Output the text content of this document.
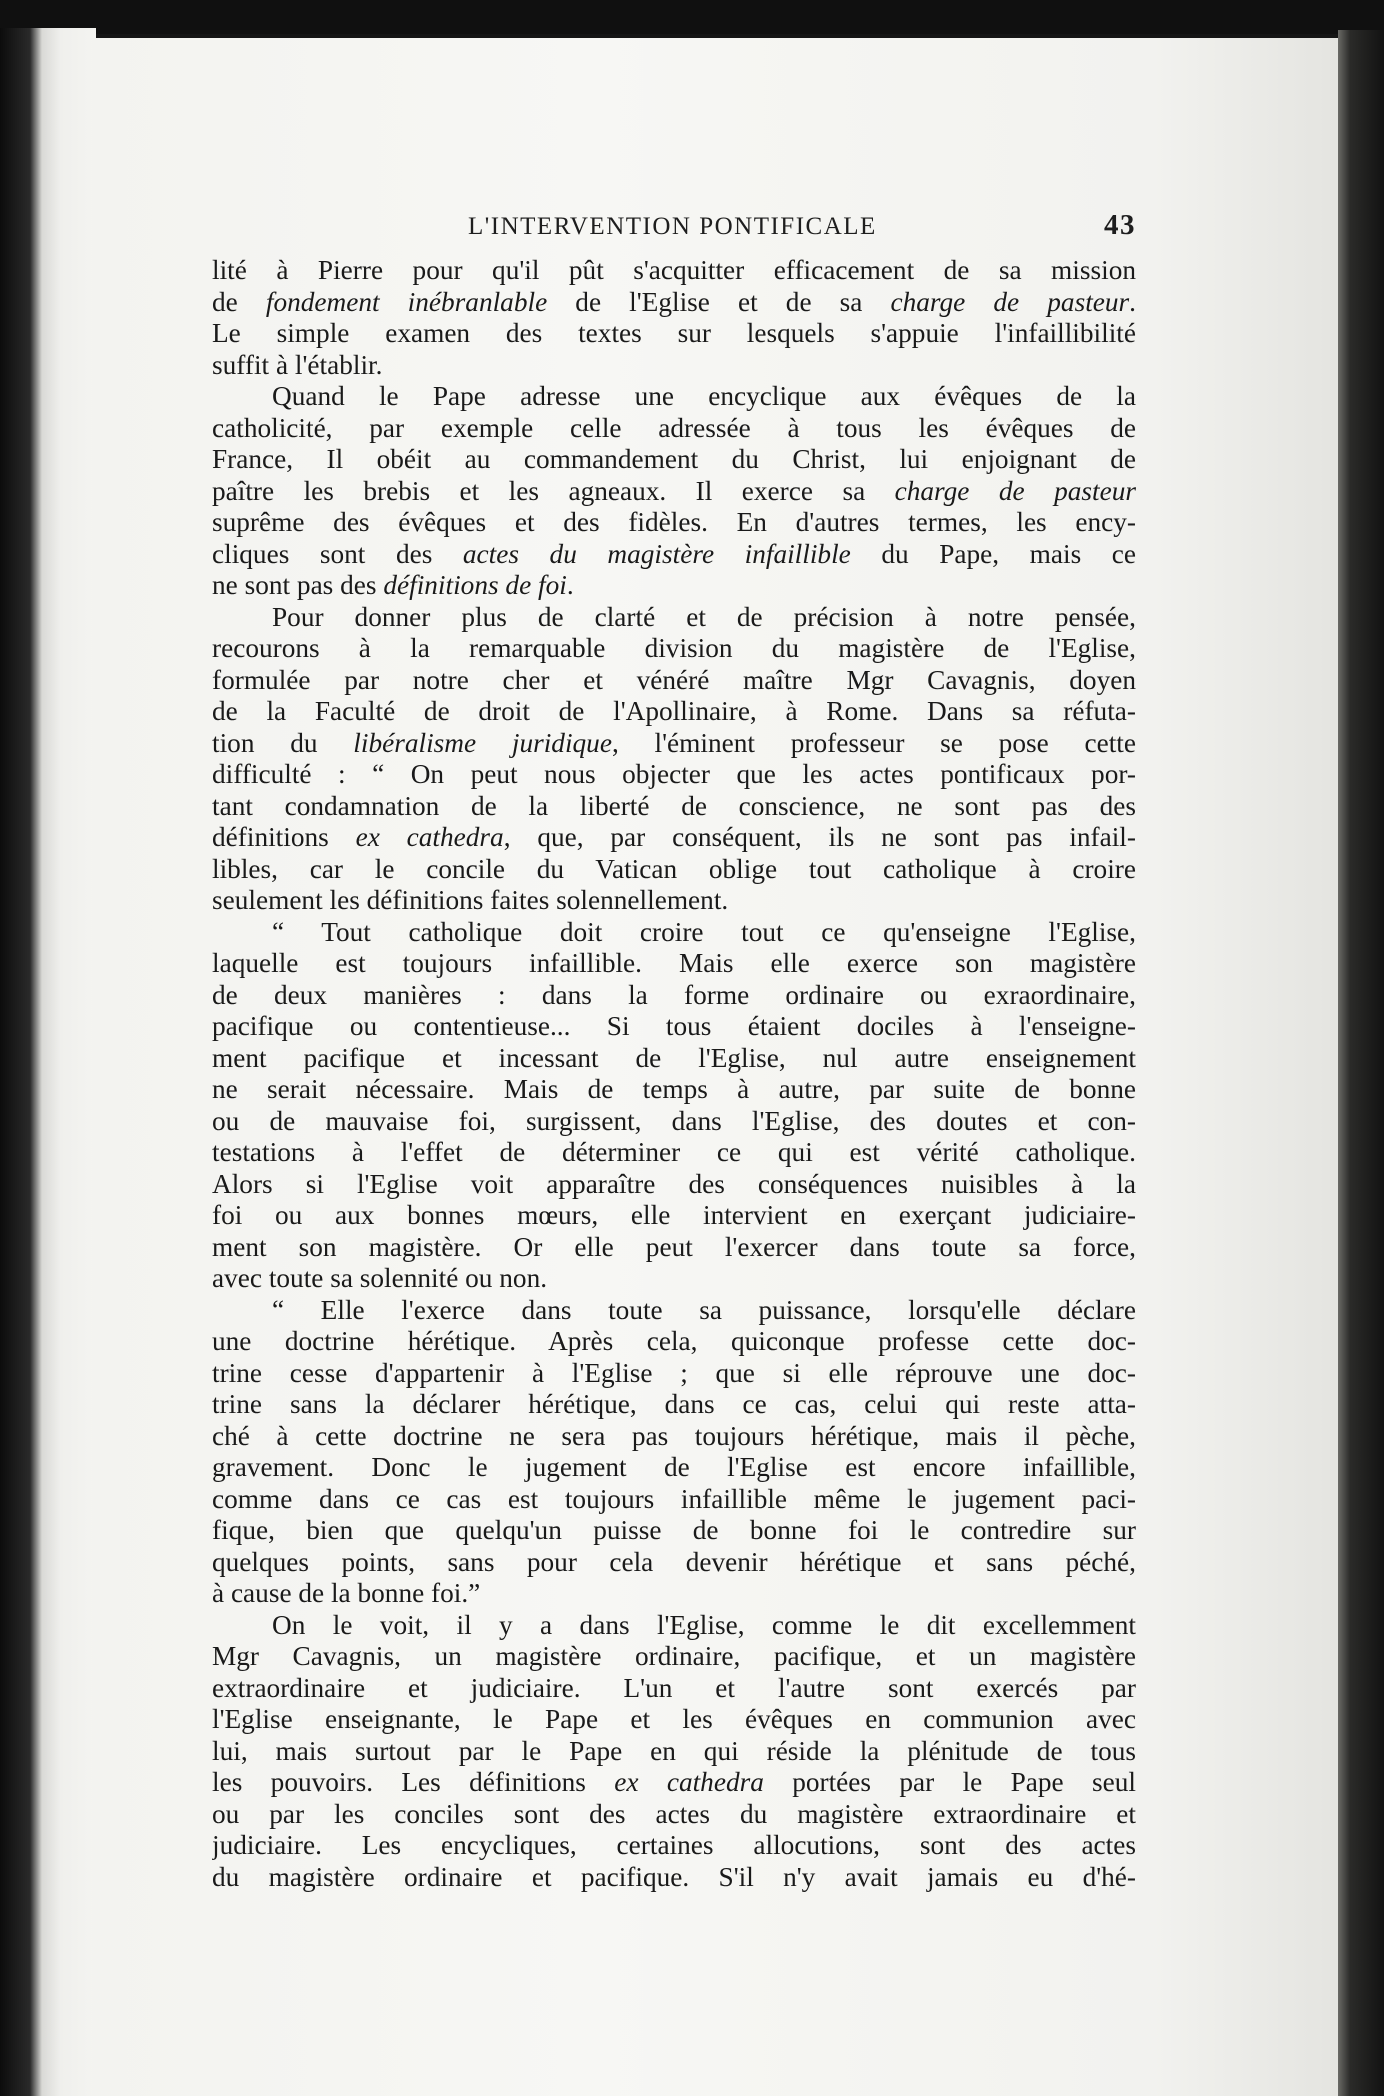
L'INTERVENTION PONTIFICALE	43
lité à Pierre pour qu'il pût s'acquitter efficacement de sa mission
de fondement inébranlable de l'Eglise et de sa charge de pasteur.
Le simple examen des textes sur lesquels s'appuie l'infaillibilité
suffit à l'établir.
Quand le Pape adresse une encyclique aux évêques de la
catholicité, par exemple celle adressée à tous les évêques de
France, Il obéit au commandement du Christ, lui enjoignant de
paître les brebis et les agneaux. Il exerce sa charge de pasteur
suprême des évêques et des fidèles. En d'autres termes, les ency-
cliques sont des actes du magistère infaillible du Pape, mais ce
ne sont pas des définitions de foi.
Pour donner plus de clarté et de précision à notre pensée,
recourons à la remarquable division du magistère de l'Eglise,
formulée par notre cher et vénéré maître Mgr Cavagnis, doyen
de la Faculté de droit de l'Apollinaire, à Rome. Dans sa réfuta-
tion du libéralisme juridique, l'éminent professeur se pose cette
difficulté : “ On peut nous objecter que les actes pontificaux por-
tant condamnation de la liberté de conscience, ne sont pas des
définitions ex cathedra, que, par conséquent, ils ne sont pas infail-
libles, car le concile du Vatican oblige tout catholique à croire
seulement les définitions faites solennellement.
“ Tout catholique doit croire tout ce qu'enseigne l'Eglise,
laquelle est toujours infaillible. Mais elle exerce son magistère
de deux manières : dans la forme ordinaire ou exraordinaire,
pacifique ou contentieuse... Si tous étaient dociles à l'enseigne-
ment pacifique et incessant de l'Eglise, nul autre enseignement
ne serait nécessaire. Mais de temps à autre, par suite de bonne
ou de mauvaise foi, surgissent, dans l'Eglise, des doutes et con-
testations à l'effet de déterminer ce qui est vérité catholique.
Alors si l'Eglise voit apparaître des conséquences nuisibles à la
foi ou aux bonnes mœurs, elle intervient en exerçant judiciaire-
ment son magistère. Or elle peut l'exercer dans toute sa force,
avec toute sa solennité ou non.
“ Elle l'exerce dans toute sa puissance, lorsqu'elle déclare
une doctrine hérétique. Après cela, quiconque professe cette doc-
trine cesse d'appartenir à l'Eglise ; que si elle réprouve une doc-
trine sans la déclarer hérétique, dans ce cas, celui qui reste atta-
ché à cette doctrine ne sera pas toujours hérétique, mais il pèche,
gravement. Donc le jugement de l'Eglise est encore infaillible,
comme dans ce cas est toujours infaillible même le jugement paci-
fique, bien que quelqu'un puisse de bonne foi le contredire sur
quelques points, sans pour cela devenir hérétique et sans péché,
à cause de la bonne foi.”
On le voit, il y a dans l'Eglise, comme le dit excellemment
Mgr Cavagnis, un magistère ordinaire, pacifique, et un magistère
extraordinaire et judiciaire. L'un et l'autre sont exercés par
l'Eglise enseignante, le Pape et les évêques en communion avec
lui, mais surtout par le Pape en qui réside la plénitude de tous
les pouvoirs. Les définitions ex cathedra portées par le Pape seul
ou par les conciles sont des actes du magistère extraordinaire et
judiciaire. Les encycliques, certaines allocutions, sont des actes
du magistère ordinaire et pacifique. S'il n'y avait jamais eu d'hé-
